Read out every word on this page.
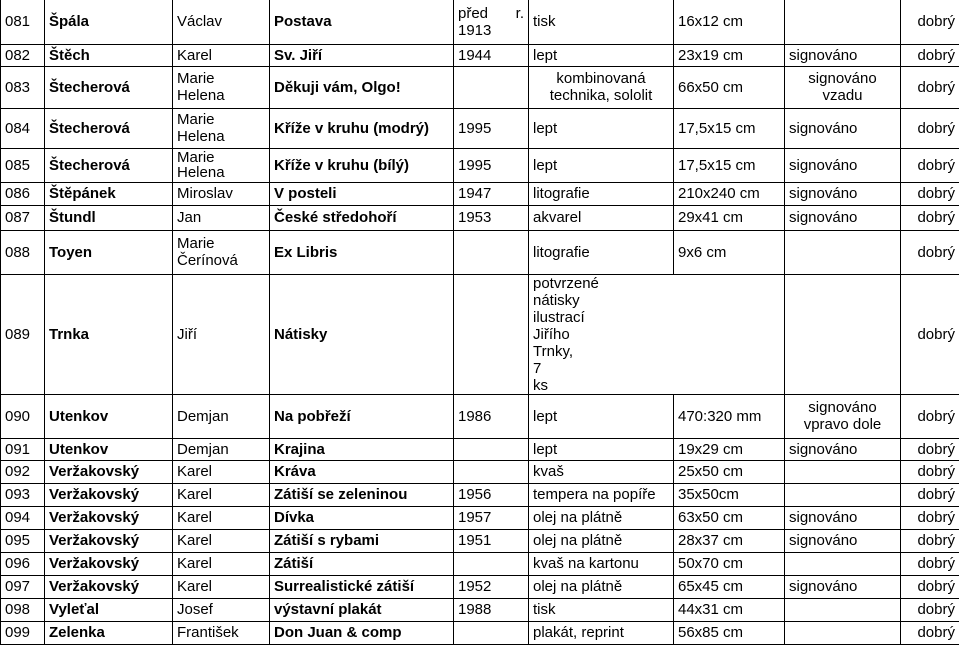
081	Špála	Václav	Postava	před r. 1913	tisk	16x12 cm		dobrý
082	Štěch	Karel	Sv. Jiří	1944	lept	23x19 cm	signováno	dobrý
083	Štecherová	Marie Helena	Děkuji vám, Olgo!		kombinovaná technika, sololit	66x50 cm	signováno vzadu	dobrý
084	Štecherová	Marie Helena	Kříže v kruhu (modrý)	1995	lept	17,5x15 cm	signováno	dobrý
085	Štecherová	Marie Helena	Kříže v kruhu (bílý)	1995	lept	17,5x15 cm	signováno	dobrý
086	Štěpánek	Miroslav	V posteli	1947	litografie	210x240 cm	signováno	dobrý
087	Štundl	Jan	České středohoří	1953	akvarel	29x41 cm	signováno	dobrý
088	Toyen	Marie Čerínová	Ex Libris		litografie	9x6 cm		dobrý
089	Trnka	Jiří	Nátisky		potvrzené nátisky ilustrací Jiřího Trnky, 7 ks			dobrý
090	Utenkov	Demjan	Na pobřeží	1986	lept	470:320 mm	signováno vpravo dole	dobrý
091	Utenkov	Demjan	Krajina		lept	19x29 cm	signováno	dobrý
092	Veržakovský	Karel	Kráva		kvaš	25x50 cm		dobrý
093	Veržakovský	Karel	Zátiší se zeleninou	1956	tempera na popíře	35x50cm		dobrý
094	Veržakovský	Karel	Dívka	1957	olej na plátně	63x50 cm	signováno	dobrý
095	Veržakovský	Karel	Zátiší s rybami	1951	olej na plátně	28x37 cm	signováno	dobrý
096	Veržakovský	Karel	Zátiší		kvaš na kartonu	50x70 cm		dobrý
097	Veržakovský	Karel	Surrealistické zátiší	1952	olej na plátně	65x45 cm	signováno	dobrý
098	Vyleťal	Josef	výstavní plakát	1988	tisk	44x31 cm		dobrý
099	Zelenka	František	Don Juan & comp		plakát, reprint	56x85 cm		dobrý
